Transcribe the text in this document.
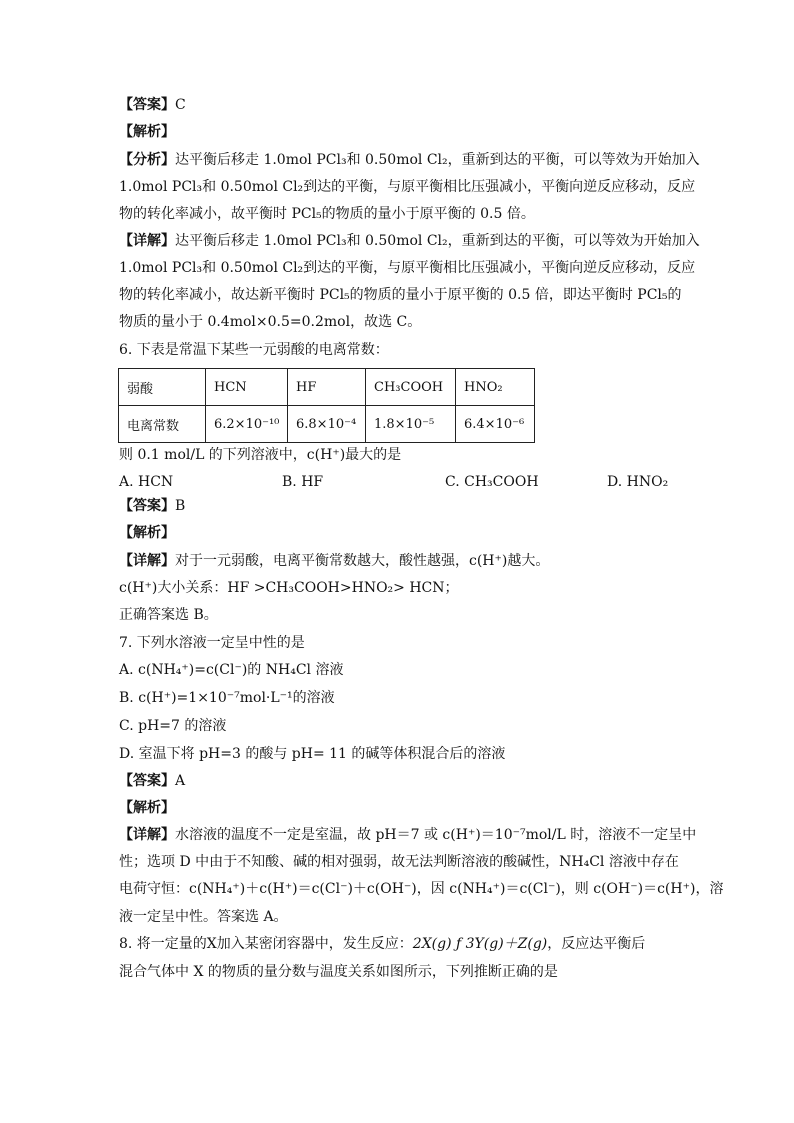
【答案】C
【解析】
【分析】达平衡后移走 1.0mol PCl₃和 0.50mol Cl₂，重新到达的平衡，可以等效为开始加入
1.0mol PCl₃和 0.50mol Cl₂到达的平衡，与原平衡相比压强减小，平衡向逆反应移动，反应
物的转化率减小，故平衡时 PCl₅的物质的量小于原平衡的 0.5 倍。
【详解】达平衡后移走 1.0mol PCl₃和 0.50mol Cl₂，重新到达的平衡，可以等效为开始加入
1.0mol PCl₃和 0.50mol Cl₂到达的平衡，与原平衡相比压强减小，平衡向逆反应移动，反应
物的转化率减小，故达新平衡时 PCl₅的物质的量小于原平衡的 0.5 倍，即达平衡时 PCl₅的
物质的量小于 0.4mol×0.5=0.2mol，故选 C。
6. 下表是常温下某些一元弱酸的电离常数：
弱酸	HCN	HF	CH₃COOH	HNO₂
电离常数	6.2×10⁻¹⁰	6.8×10⁻⁴	1.8×10⁻⁵	6.4×10⁻⁶
则 0.1 mol/L 的下列溶液中，c(H⁺)最大的是
A. HCN	B. HF	C. CH₃COOH	D. HNO₂
【答案】B
【解析】
【详解】对于一元弱酸，电离平衡常数越大，酸性越强，c(H⁺)越大。
c(H⁺)大小关系：HF >CH₃COOH>HNO₂> HCN；
正确答案选 B。
7. 下列水溶液一定呈中性的是
A. c(NH₄⁺)=c(Cl⁻)的 NH₄Cl 溶液
B. c(H⁺)=1×10⁻⁷mol·L⁻¹的溶液
C. pH=7 的溶液
D. 室温下将 pH=3 的酸与 pH= 11 的碱等体积混合后的溶液
【答案】A
【解析】
【详解】水溶液的温度不一定是室温，故 pH＝7 或 c(H⁺)＝10⁻⁷mol/L 时，溶液不一定呈中
性；选项 D 中由于不知酸、碱的相对强弱，故无法判断溶液的酸碱性，NH₄Cl 溶液中存在
电荷守恒：c(NH₄⁺)＋c(H⁺)＝c(Cl⁻)＋c(OH⁻)，因 c(NH₄⁺)＝c(Cl⁻)，则 c(OH⁻)＝c(H⁺)，溶
液一定呈中性。答案选 A。
8. 将一定量的X加入某密闭容器中，发生反应：2X(g) ƒ 3Y(g)＋Z(g)，反应达平衡后
混合气体中 X 的物质的量分数与温度关系如图所示，下列推断正确的是
